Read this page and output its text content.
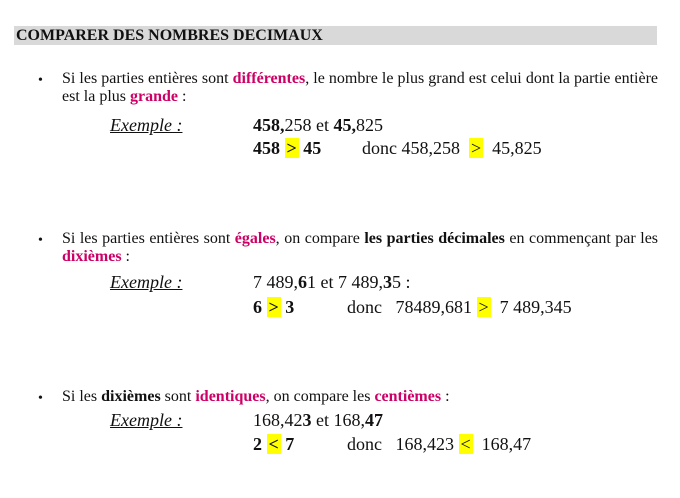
COMPARER DES NOMBRES DECIMAUX
• Si les parties entières sont différentes, le nombre le plus grand est celui dont la partie entière est la plus grande :
Exemple :	458,258 et 45,825
458 > 45 donc 458,258 > 45,825
• Si les parties entières sont égales, on compare les parties décimales en commençant par les dixièmes :
Exemple :	7 489,61 et 7 489,35 :
6 > 3	donc 78489,681 > 7 489,345
• Si les dixièmes sont identiques, on compare les centièmes :
Exemple :	168,423 et 168,47
2 < 7	donc 168,423 < 168,47
